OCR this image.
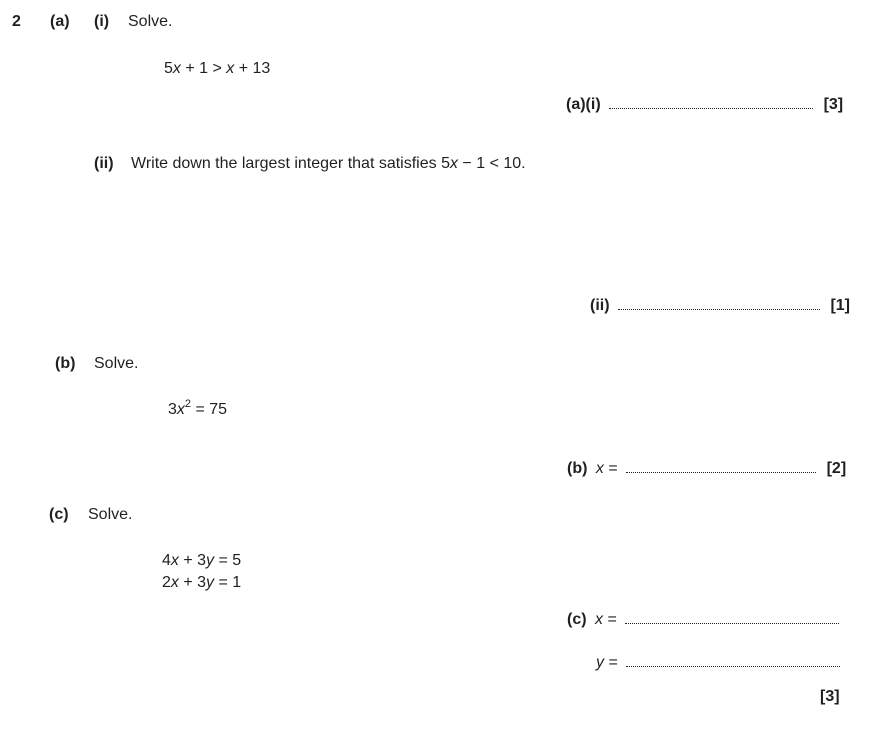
2 (a) (i) Solve.
5x + 1 > x + 13
(a)(i)	[3]
(ii) Write down the largest integer that satisfies 5x − 1 < 10.
(ii)	[1]
(b) Solve.
$3x^2 = 75$
(b) x =	[2]
(c) Solve.
4x + 3y = 5
2x + 3y = 1
(c) x =
y =
[3]
